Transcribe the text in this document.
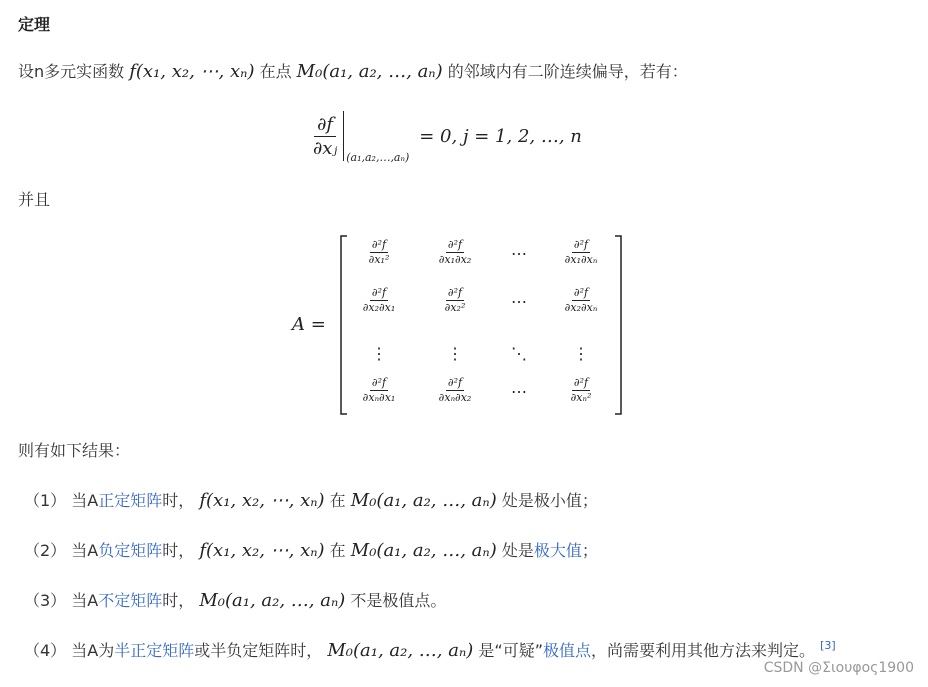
定理
设n多元实函数 f(x₁, x₂, ⋯, xₙ) 在点 M₀(a₁, a₂, …, aₙ) 的邻域内有二阶连续偏导，若有：
$\frac{\partial f}{\text{∂xⱼ}}$ (a₁,a₂,…,aₙ)
= 0, j = 1, 2, …, n
并且
A =
$\frac{\text{∂²f}}{\text{∂x₁²}}$	$\frac{\text{∂²f}}{\text{∂x₁∂x₂}}$	⋯	$\frac{\text{∂²f}}{\text{∂x₁∂xₙ}}$
$\frac{\text{∂²f}}{\text{∂x₂∂x₁}}$	$\frac{\text{∂²f}}{\text{∂x₂²}}$	⋯	$\frac{\text{∂²f}}{\text{∂x₂∂xₙ}}$
⋮	⋮	⋱	⋮
$\frac{\text{∂²f}}{\text{∂xₙ∂x₁}}$	$\frac{\text{∂²f}}{\text{∂xₙ∂x₂}}$	⋯	$\frac{\text{∂²f}}{\text{∂xₙ²}}$
则有如下结果：
（1） 当A正定矩阵时， f(x₁, x₂, ⋯, xₙ) 在 M₀(a₁, a₂, …, aₙ) 处是极小值；
（2） 当A负定矩阵时， f(x₁, x₂, ⋯, xₙ) 在 M₀(a₁, a₂, …, aₙ) 处是极大值；
（3） 当A不定矩阵时， M₀(a₁, a₂, …, aₙ) 不是极值点。
（4） 当A为半正定矩阵或半负定矩阵时， M₀(a₁, a₂, …, aₙ) 是“可疑”极值点，尚需要利用其他方法来判定。 [3]
CSDN @Σιουφος1900
